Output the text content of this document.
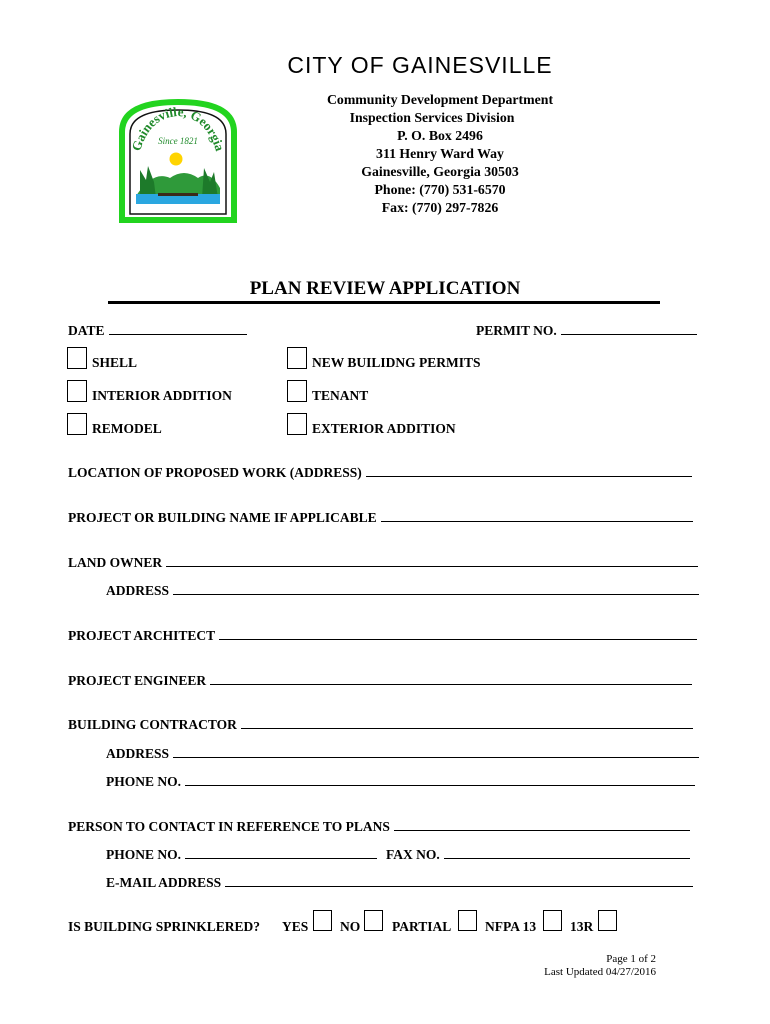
CITY OF GAINESVILLE
Gainesville, Georgia
Since 1821
Community Development Department
Inspection Services Division
P. O. Box 2496
311 Henry Ward Way
Gainesville, Georgia 30503
Phone: (770) 531-6570
Fax: (770) 297-7826
PLAN REVIEW APPLICATION
DATE	PERMIT NO.
SHELL	NEW BUILIDNG PERMITS
INTERIOR ADDITION	TENANT
REMODEL	EXTERIOR ADDITION
LOCATION OF PROPOSED WORK (ADDRESS)
PROJECT OR BUILDING NAME IF APPLICABLE
LAND OWNER
ADDRESS
PROJECT ARCHITECT
PROJECT ENGINEER
BUILDING CONTRACTOR
ADDRESS
PHONE NO.
PERSON TO CONTACT IN REFERENCE TO PLANS
PHONE NO.	FAX NO.
E-MAIL ADDRESS
IS BUILDING SPRINKLERED? YES NO PARTIAL NFPA 13	13R
Page 1 of 2
Last Updated 04/27/2016
